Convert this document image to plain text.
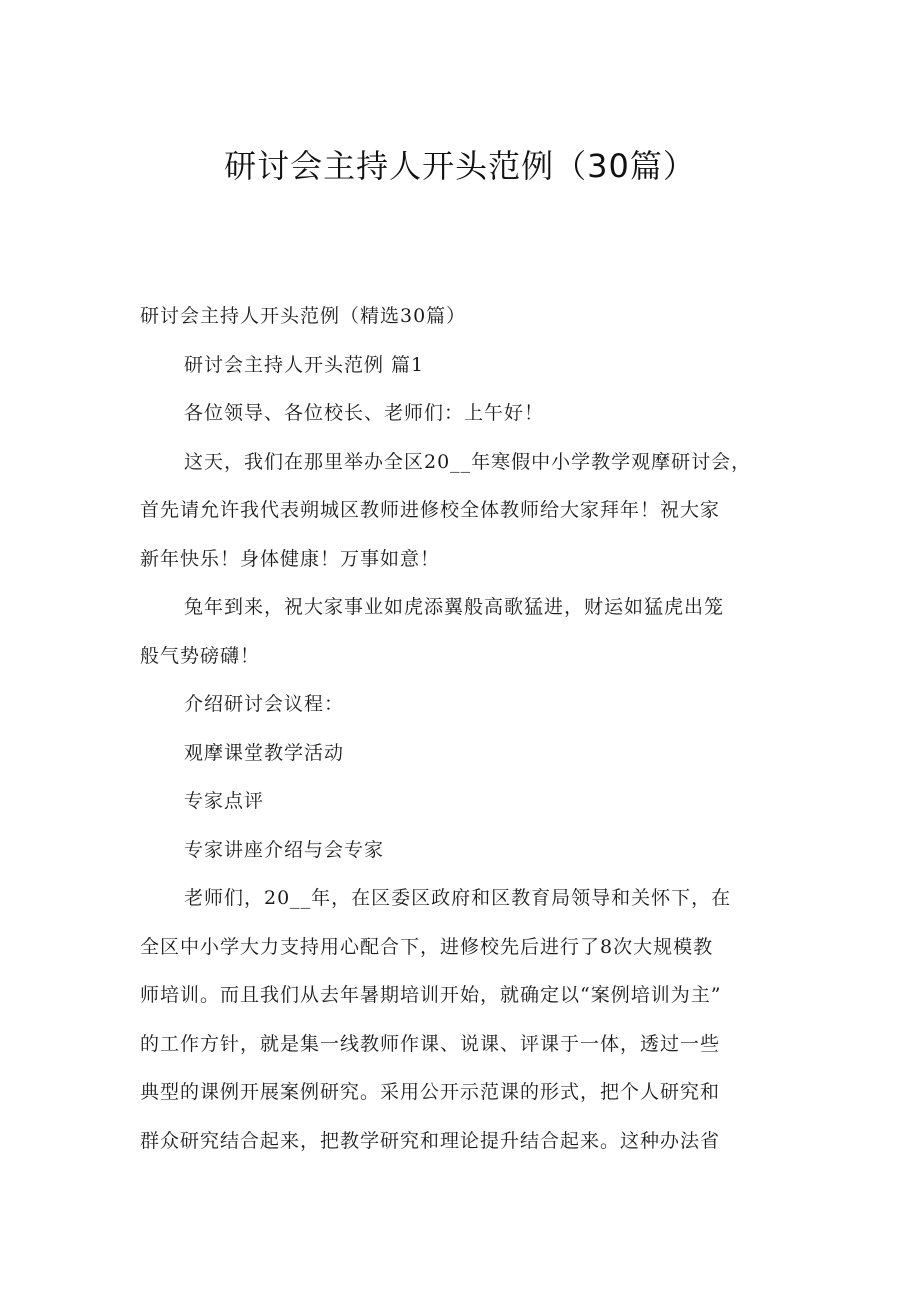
研讨会主持人开头范例（30篇）
研讨会主持人开头范例（精选30篇）
研讨会主持人开头范例 篇1
各位领导、各位校长、老师们：上午好！
这天，我们在那里举办全区20__年寒假中小学教学观摩研讨会，
首先请允许我代表朔城区教师进修校全体教师给大家拜年！祝大家
新年快乐！身体健康！万事如意！
兔年到来，祝大家事业如虎添翼般高歌猛进，财运如猛虎出笼
般气势磅礴！
介绍研讨会议程：
观摩课堂教学活动
专家点评
专家讲座介绍与会专家
老师们，20__年，在区委区政府和区教育局领导和关怀下，在
全区中小学大力支持用心配合下，进修校先后进行了8次大规模教
师培训。而且我们从去年暑期培训开始，就确定以“案例培训为主”
的工作方针，就是集一线教师作课、说课、评课于一体，透过一些
典型的课例开展案例研究。采用公开示范课的形式，把个人研究和
群众研究结合起来，把教学研究和理论提升结合起来。这种办法省
